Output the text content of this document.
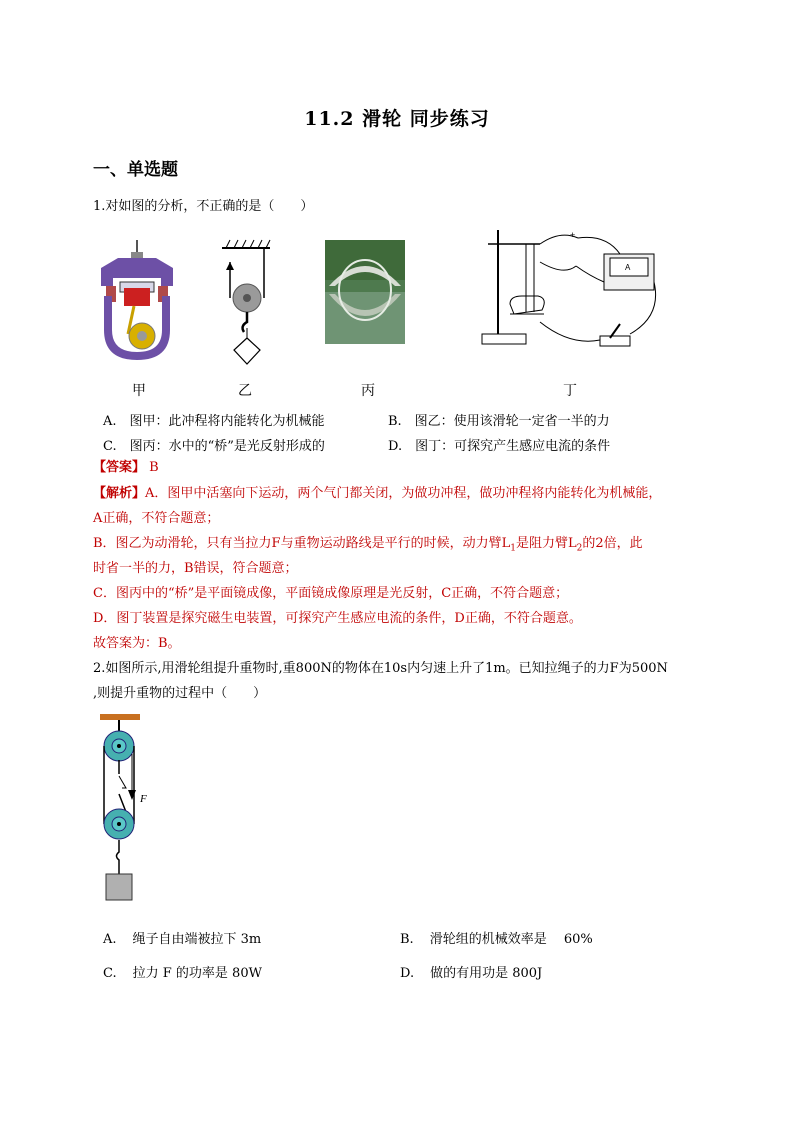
11.2 滑轮 同步练习
一、单选题
1.对如图的分析，不正确的是（　　）
甲	乙	丙
+
A
丁
A.　图甲：此冲程将内能转化为机械能	B.　图乙：使用该滑轮一定省一半的力
C.　图丙：水中的“桥”是光反射形成的	D.　图丁：可探究产生感应电流的条件
【答案】 B
【解析】A．图甲中活塞向下运动，两个气门都关闭，为做功冲程，做功冲程将内能转化为机械能，
A正确，不符合题意；
B．图乙为动滑轮，只有当拉力F与重物运动路线是平行的时候，动力臂$L_1$是阻力臂$L_2$的2倍，此
时省一半的力，B错误，符合题意；
C．图丙中的“桥”是平面镜成像，平面镜成像原理是光反射，C正确，不符合题意；
D．图丁装置是探究磁生电装置，可探究产生感应电流的条件，D正确，不符合题意。
故答案为：B。
2.如图所示,用滑轮组提升重物时,重800N的物体在10s内匀速上升了1m。已知拉绳子的力F为500N
,则提升重物的过程中（　　）
F
A. 绳子自由端被拉下 3m	B. 滑轮组的机械效率是　 60%
C. 拉力 F 的功率是 80W	D. 做的有用功是 800J
